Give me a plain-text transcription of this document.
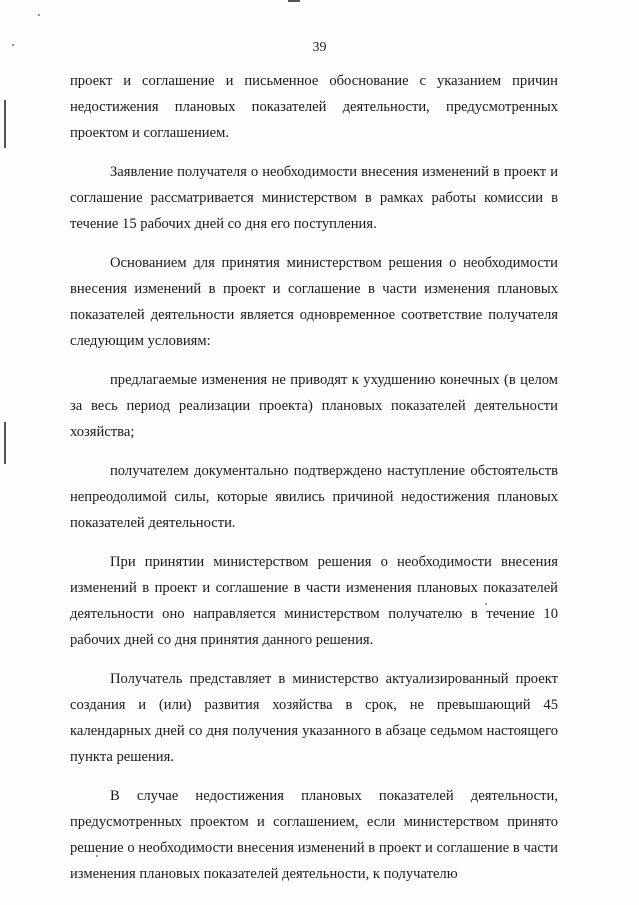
39

проект и соглашение и письменное обоснование с указанием причин недостижения плановых показателей деятельности, предусмотренных проектом и соглашением.

Заявление получателя о необходимости внесения изменений в проект и соглашение рассматривается министерством в рамках работы комиссии в течение 15 рабочих дней со дня его поступления.

Основанием для принятия министерством решения о необходимости внесения изменений в проект и соглашение в части изменения плановых показателей деятельности является одновременное соответствие получателя следующим условиям:

предлагаемые изменения не приводят к ухудшению конечных (в целом за весь период реализации проекта) плановых показателей деятельности хозяйства;

получателем документально подтверждено наступление обстоятельств непреодолимой силы, которые явились причиной недостижения плановых показателей деятельности.

При принятии министерством решения о необходимости внесения изменений в проект и соглашение в части изменения плановых показателей деятельности оно направляется министерством получателю в течение 10 рабочих дней со дня принятия данного решения.

Получатель представляет в министерство актуализированный проект создания и (или) развития хозяйства в срок, не превышающий 45 календарных дней со дня получения указанного в абзаце седьмом настоящего пункта решения.

В случае недостижения плановых показателей деятельности, предусмотренных проектом и соглашением, если министерством принято решение о необходимости внесения изменений в проект и соглашение в части изменения плановых показателей деятельности, к получателю
